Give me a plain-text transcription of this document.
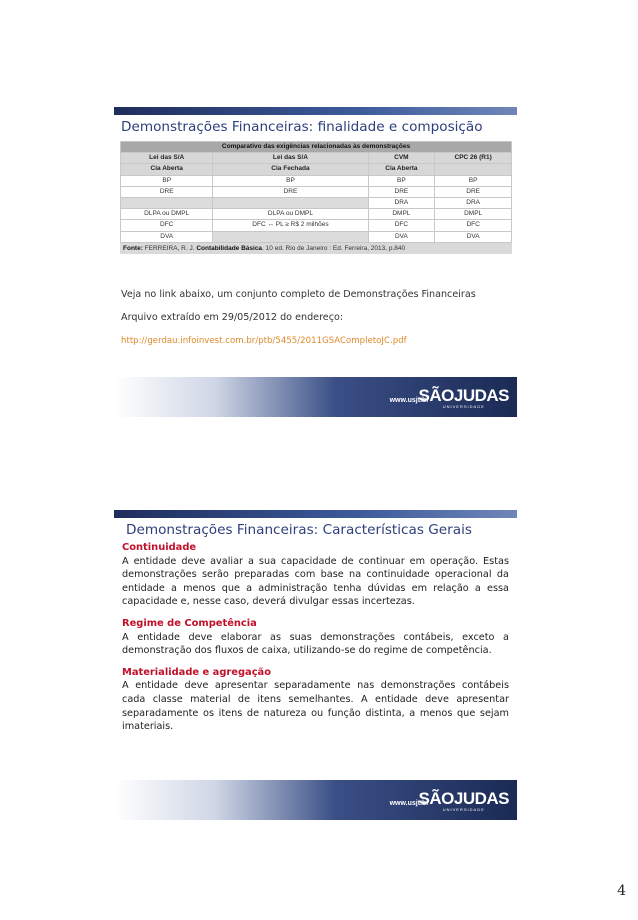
Demonstrações Financeiras: finalidade e composição
Comparativo das exigências relacionadas às demonstrações			
Lei das S/A	Lei das S/A	CVM	CPC 26 (R1)
Cia Aberta	Cia Fechada	Cia Aberta	
BP	BP	BP	BP
DRE	DRE	DRE	DRE
		DRA	DRA
DLPA ou DMPL	DLPA ou DMPL	DMPL	DMPL
DFC	DFC ↔ PL ≥ R$ 2 milhões	DFC	DFC
DVA		DVA	DVA
Fonte: FERREIRA, R. J. Contabilidade Básica. 10 ed. Rio de Janeiro : Ed. Ferreira, 2013, p.840

Veja no link abaixo, um conjunto completo de Demonstrações Financeiras

Arquivo extraído em 29/05/2012 do endereço:

http://gerdau.infoinvest.com.br/ptb/5455/2011GSACompletoJC.pdf

www.usjt.br
SÃOJUDAS
UNIVERSIDADE
Demonstrações Financeiras: Características Gerais
Continuidade

A entidade deve avaliar a sua capacidade de continuar em operação. Estas demonstrações serão preparadas com base na continuidade operacional da entidade a menos que a administração tenha dúvidas em relação a essa capacidade e, nesse caso, deverá divulgar essas incertezas.

Regime de Competência

A entidade deve elaborar as suas demonstrações contábeis, exceto a demonstração dos fluxos de caixa, utilizando-se do regime de competência.

Materialidade e agregação

A entidade deve apresentar separadamente nas demonstrações contábeis cada classe material de itens semelhantes. A entidade deve apresentar separadamente os itens de natureza ou função distinta, a menos que sejam imateriais.

www.usjt.br
SÃOJUDAS
UNIVERSIDADE
4
